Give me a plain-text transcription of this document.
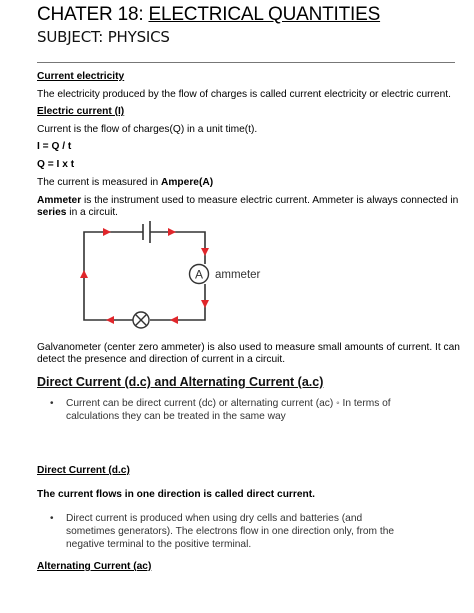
CHATER 18: ELECTRICAL QUANTITIES
SUBJECT: PHYSICS
Current electricity
The electricity produced by the flow of charges is called current electricity or electric current.
Electric current (I)
Current is the flow of charges(Q) in a unit time(t).
I = Q / t
Q = I x t
The current is measured in Ampere(A)
Ammeter is the instrument used to measure electric current. Ammeter is always connected in
series in a circuit.
A ammeter
Galvanometer (center zero ammeter) is also used to measure small amounts of current. It can
detect the presence and direction of current in a circuit.
Direct Current (d.c) and Alternating Current (a.c)
• Current can be direct current (dc) or alternating current (ac) ◦ In terms of
calculations they can be treated in the same way
Direct Current (d.c)
The current flows in one direction is called direct current.
• Direct current is produced when using dry cells and batteries (and
sometimes generators). The electrons flow in one direction only, from the
negative terminal to the positive terminal.
Alternating Current (ac)
